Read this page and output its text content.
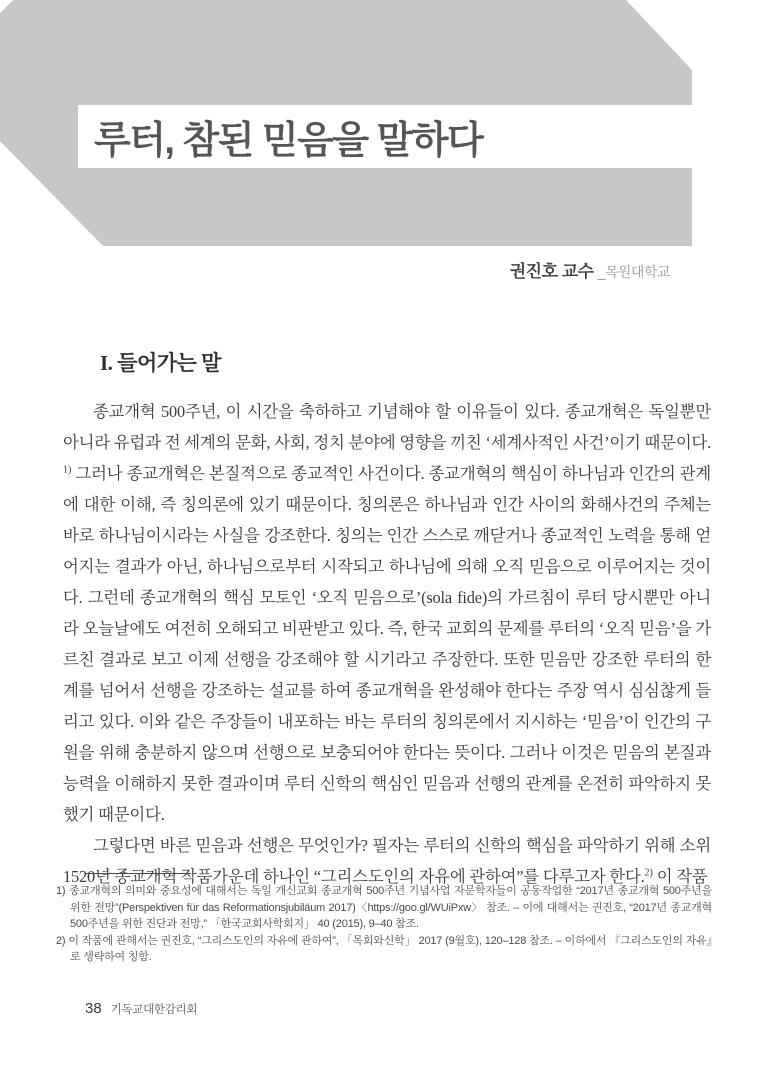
루터, 참된 믿음을 말하다
권진호 교수 _목원대학교
I. 들어가는 말

종교개혁 500주년, 이 시간을 축하하고 기념해야 할 이유들이 있다. 종교개혁은 독일뿐만 아니라 유럽과 전 세계의 문화, 사회, 정치 분야에 영향을 끼친 ‘세계사적인 사건’이기 때문이다.$^{1)}$ 그러나 종교개혁은 본질적으로 종교적인 사건이다. 종교개혁의 핵심이 하나님과 인간의 관계에 대한 이해, 즉 칭의론에 있기 때문이다. 칭의론은 하나님과 인간 사이의 화해사건의 주체는 바로 하나님이시라는 사실을 강조한다. 칭의는 인간 스스로 깨닫거나 종교적인 노력을 통해 얻어지는 결과가 아닌, 하나님으로부터 시작되고 하나님에 의해 오직 믿음으로 이루어지는 것이다. 그런데 종교개혁의 핵심 모토인 ‘오직 믿음으로’(sola fide)의 가르침이 루터 당시뿐만 아니라 오늘날에도 여전히 오해되고 비판받고 있다. 즉, 한국 교회의 문제를 루터의 ‘오직 믿음’을 가르친 결과로 보고 이제 선행을 강조해야 할 시기라고 주장한다. 또한 믿음만 강조한 루터의 한계를 넘어서 선행을 강조하는 설교를 하여 종교개혁을 완성해야 한다는 주장 역시 심심찮게 들리고 있다. 이와 같은 주장들이 내포하는 바는 루터의 칭의론에서 지시하는 ‘믿음’이 인간의 구원을 위해 충분하지 않으며 선행으로 보충되어야 한다는 뜻이다. 그러나 이것은 믿음의 본질과 능력을 이해하지 못한 결과이며 루터 신학의 핵심인 믿음과 선행의 관계를 온전히 파악하지 못했기 때문이다.

그렇다면 바른 믿음과 선행은 무엇인가? 필자는 루터의 신학의 핵심을 파악하기 위해 소위 1520년 종교개혁 작품가운데 하나인 “그리스도인의 자유에 관하여”를 다루고자 한다.$^{2)}$ 이 작품

1) 종교개혁의 의미와 중요성에 대해서는 독일 개신교회 종교개혁 500주년 기념사업 자문학자들이 공동작업한 “2017년 종교개혁 500주년을 위한 전망”(Perspektiven für das Reformationsjubiläum 2017)〈https://goo.gl/WUiPxw〉 참조. – 이에 대해서는 권진호, “2017년 종교개혁 500주년을 위한 진단과 전망,” 「한국교회사학회지」 40 (2015), 9–40 참조.
2) 이 작품에 관해서는 권진호, “그리스도인의 자유에 관하여”, 「목회와신학」 2017 (9월호), 120–128 참조. – 이하에서 『그리스도인의 자유』로 생략하여 칭함.
38 기독교대한감리회
